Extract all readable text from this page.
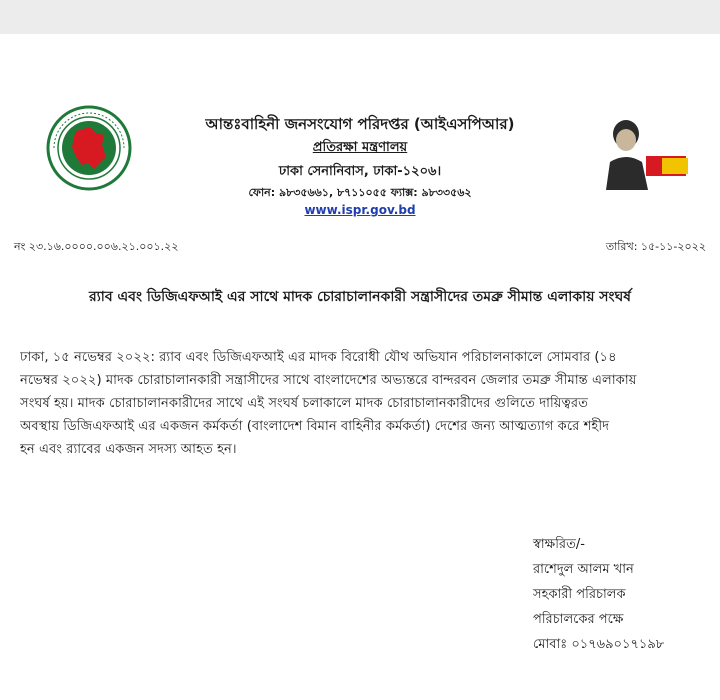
আন্তঃবাহিনী জনসংযোগ পরিদপ্তর (আইএসপিআর)
প্রতিরক্ষা মন্ত্রণালয়
ঢাকা সেনানিবাস, ঢাকা-১২০৬।
ফোন: ৯৮৩৫৬৬১, ৮৭১১০৫৫ ফ্যাক্স: ৯৮৩৩৫৬২
www.ispr.gov.bd
নং ২৩.১৬.০০০০.০০৬.২১.০০১.২২	তারিখ: ১৫-১১-২০২২
র‍্যাব এবং ডিজিএফআই এর সাথে মাদক চোরাচালানকারী সন্ত্রাসীদের তমব্রু সীমান্ত এলাকায় সংঘর্ষ
ঢাকা, ১৫ নভেম্বর ২০২২: র‍্যাব এবং ডিজিএফআই এর মাদক বিরোধী যৌথ অভিযান পরিচালনাকালে সোমবার (১৪
নভেম্বর ২০২২) মাদক চোরাচালানকারী সন্ত্রাসীদের সাথে বাংলাদেশের অভ্যন্তরে বান্দরবন জেলার তমব্রু সীমান্ত এলাকায়
সংঘর্ষ হয়। মাদক চোরাচালানকারীদের সাথে এই সংঘর্ষ চলাকালে মাদক চোরাচালানকারীদের গুলিতে দায়িত্বরত
অবস্থায় ডিজিএফআই এর একজন কর্মকর্তা (বাংলাদেশ বিমান বাহিনীর কর্মকর্তা) দেশের জন্য আত্মত্যাগ করে শহীদ
হন এবং র‍্যাবের একজন সদস্য আহত হন।
স্বাক্ষরিত/-
রাশেদুল আলম খান
সহকারী পরিচালক
পরিচালকের পক্ষে
মোবাঃ ০১৭৬৯০১৭১৯৮
